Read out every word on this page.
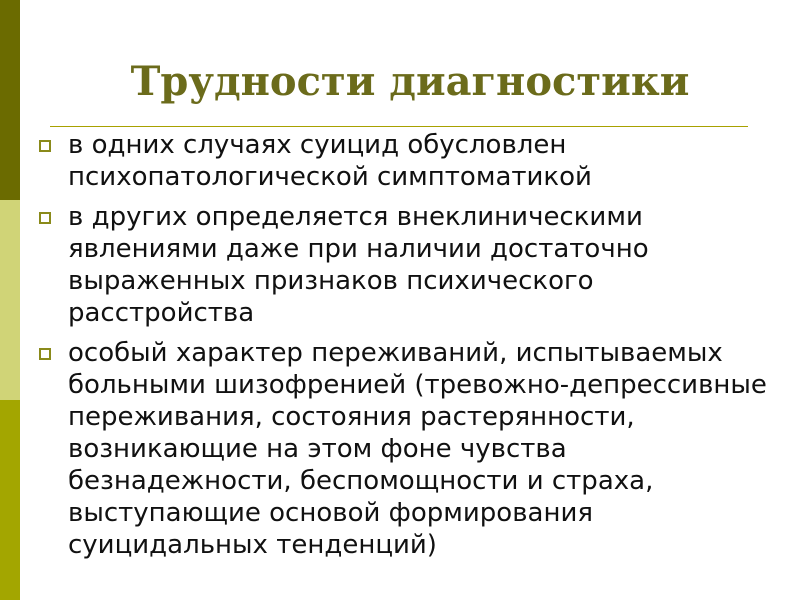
Трудности диагностики
в одних случаях суицид обусловлен психопатологической симптоматикой
в других определяется внеклиническими явлениями даже при наличии достаточно выраженных признаков психического расстройства
особый характер переживаний, испытываемых больными шизофренией (тревожно-депрессивные переживания, состояния растерянности, возникающие на этом фоне чувства безнадежности, беспомощности и страха, выступающие основой формирования суицидальных тенденций)
